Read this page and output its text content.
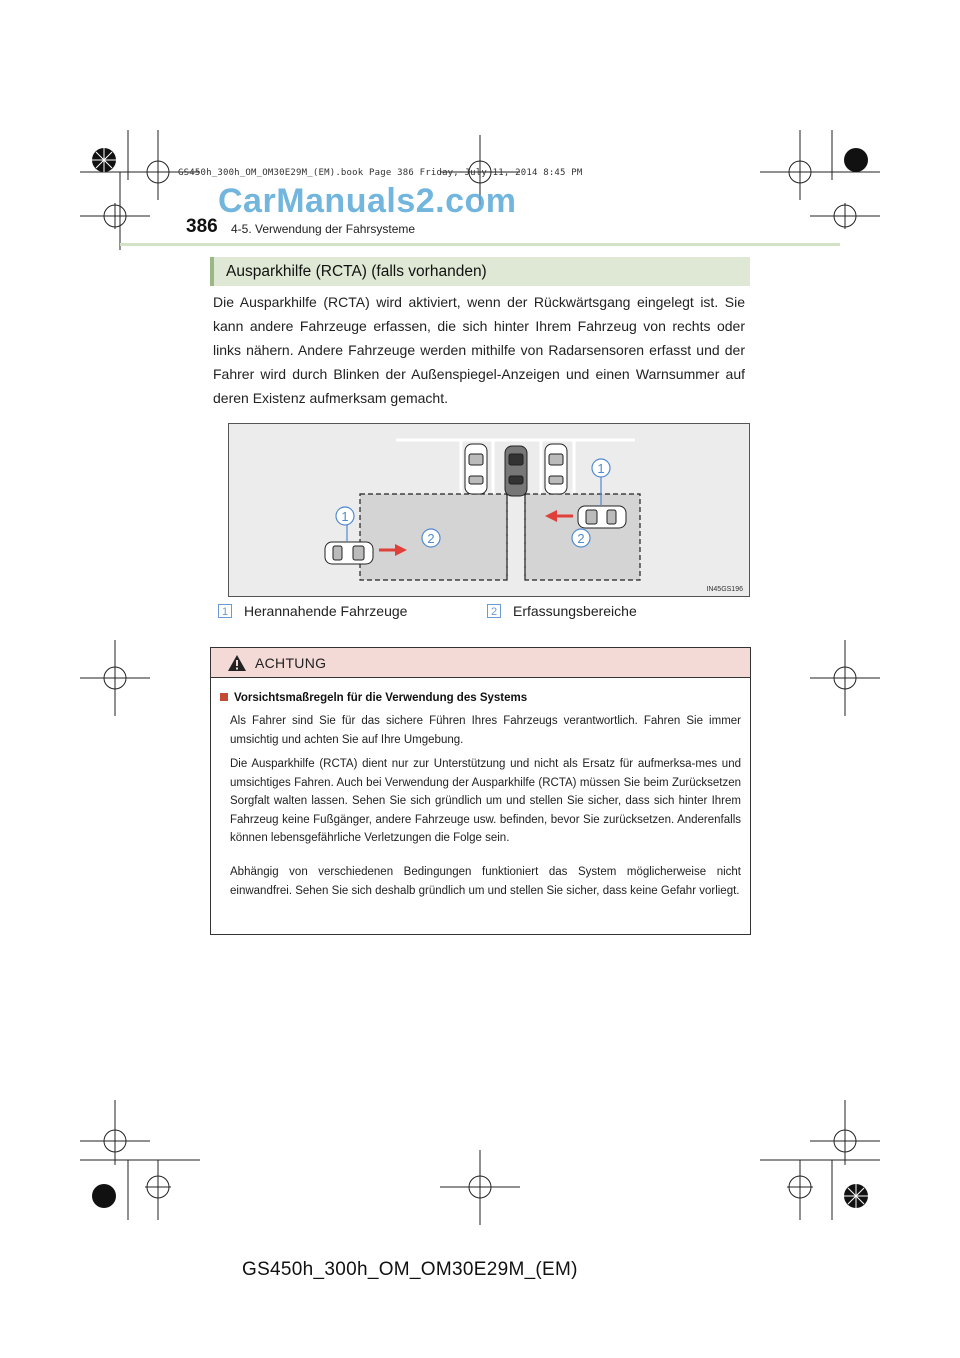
GS450h_300h_OM_OM30E29M_(EM).book Page 386 Friday, July 11, 2014 8:45 PM
CarManuals2.com
386 4-5. Verwendung der Fahrsysteme
Ausparkhilfe (RCTA) (falls vorhanden)
Die Ausparkhilfe (RCTA) wird aktiviert, wenn der Rückwärtsgang eingelegt ist. Sie kann andere Fahrzeuge erfassen, die sich hinter Ihrem Fahrzeug von rechts oder links nähern. Andere Fahrzeuge werden mithilfe von Radarsensoren erfasst und der Fahrer wird durch Blinken der Außenspiegel-Anzeigen und einen Warnsummer auf deren Existenz aufmerksam gemacht.
1
1
2	2
IN45GS196
1 Herannahende Fahrzeuge	2 Erfassungsbereiche
ACHTUNG
Vorsichtsmaßregeln für die Verwendung des Systems
Als Fahrer sind Sie für das sichere Führen Ihres Fahrzeugs verantwortlich. Fahren Sie immer umsichtig und achten Sie auf Ihre Umgebung.
Die Ausparkhilfe (RCTA) dient nur zur Unterstützung und nicht als Ersatz für aufmerksa-mes und umsichtiges Fahren. Auch bei Verwendung der Ausparkhilfe (RCTA) müssen Sie beim Zurücksetzen Sorgfalt walten lassen. Sehen Sie sich gründlich um und stellen Sie sicher, dass sich hinter Ihrem Fahrzeug keine Fußgänger, andere Fahrzeuge usw. befinden, bevor Sie zurücksetzen. Anderenfalls können lebensgefährliche Verletzungen die Folge sein.
Abhängig von verschiedenen Bedingungen funktioniert das System möglicherweise nicht einwandfrei. Sehen Sie sich deshalb gründlich um und stellen Sie sicher, dass keine Gefahr vorliegt.
GS450h_300h_OM_OM30E29M_(EM)
